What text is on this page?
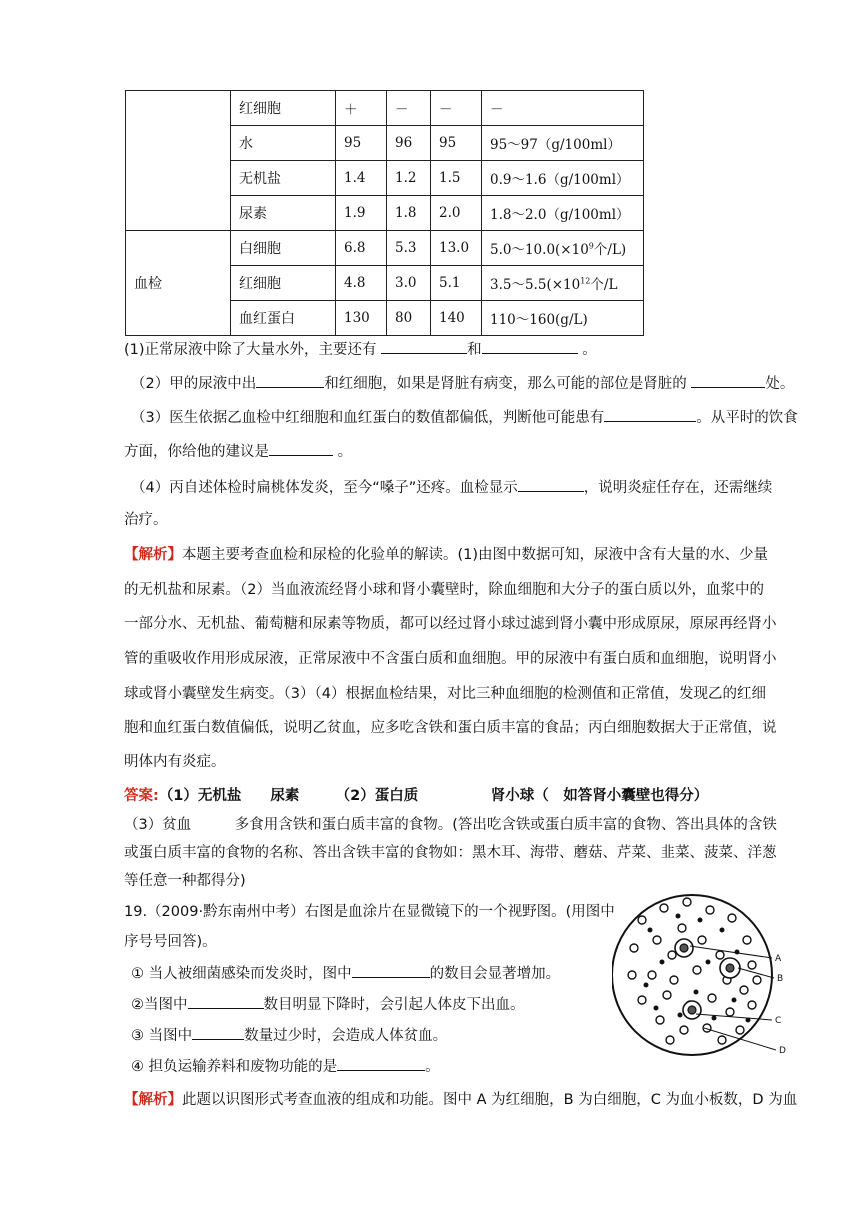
	红细胞	＋	－	－	－
	水	95	96	95	95～97（g/100ml）
	无机盐	1.4	1.2	1.5	0.9～1.6（g/100ml）
	尿素	1.9	1.8	2.0	1.8～2.0（g/100ml）
血检	白细胞	6.8	5.3	13.0	$5.0\sim 10.0(\times 10^9$个/L)
	红细胞	4.8	3.0	5.1	$3.5\sim 5.5(\times 10^{12}$个/L
	血红蛋白	130	80	140	110～160(g/L)
(1)正常尿液中除了大量水外，主要还有	和	。
（2）甲的尿液中出	和红细胞，如果是肾脏有病变，那么可能的部位是肾脏的	处。
（3）医生依据乙血检中红细胞和血红蛋白的数值都偏低，判断他可能患有	。从平时的饮食
方面，你给他的建议是	。
（4）丙自述体检时扁桃体发炎，至今“嗓子”还疼。血检显示	，说明炎症任存在，还需继续
治疗。
【解析】本题主要考查血检和尿检的化验单的解读。(1)由图中数据可知，尿液中含有大量的水、少量
的无机盐和尿素。（2）当血液流经肾小球和肾小囊壁时，除血细胞和大分子的蛋白质以外，血浆中的
一部分水、无机盐、葡萄糖和尿素等物质，都可以经过肾小球过滤到肾小囊中形成原尿，原尿再经肾小
管的重吸收作用形成尿液，正常尿液中不含蛋白质和血细胞。甲的尿液中有蛋白质和血细胞，说明肾小
球或肾小囊壁发生病变。（3）（4）根据血检结果，对比三种血细胞的检测值和正常值，发现乙的红细
胞和血红蛋白数值偏低，说明乙贫血，应多吃含铁和蛋白质丰富的食品；丙白细胞数据大于正常值，说
明体内有炎症。
答案:（1）无机盐　　尿素　　　（2）蛋白质　　　　　肾小球（　如答肾小囊壁也得分）
（3）贫血　　　多食用含铁和蛋白质丰富的食物。(答出吃含铁或蛋白质丰富的食物、答出具体的含铁
或蛋白质丰富的食物的名称、答出含铁丰富的食物如：黑木耳、海带、蘑菇、芹菜、韭菜、菠菜、洋葱
等任意一种都得分)
19.（2009·黔东南州中考）右图是血涂片在显微镜下的一个视野图。(用图中
序号号回答)。
① 当人被细菌感染而发炎时，图中	的数目会显著增加。
②当图中	数目明显下降时，会引起人体皮下出血。
③ 当图中	数量过少时，会造成人体贫血。
④ 担负运输养料和废物功能的是	。
【解析】此题以识图形式考查血液的组成和功能。图中 A 为红细胞，B 为白细胞，C 为血小板数，D 为血
A
B
C
D
